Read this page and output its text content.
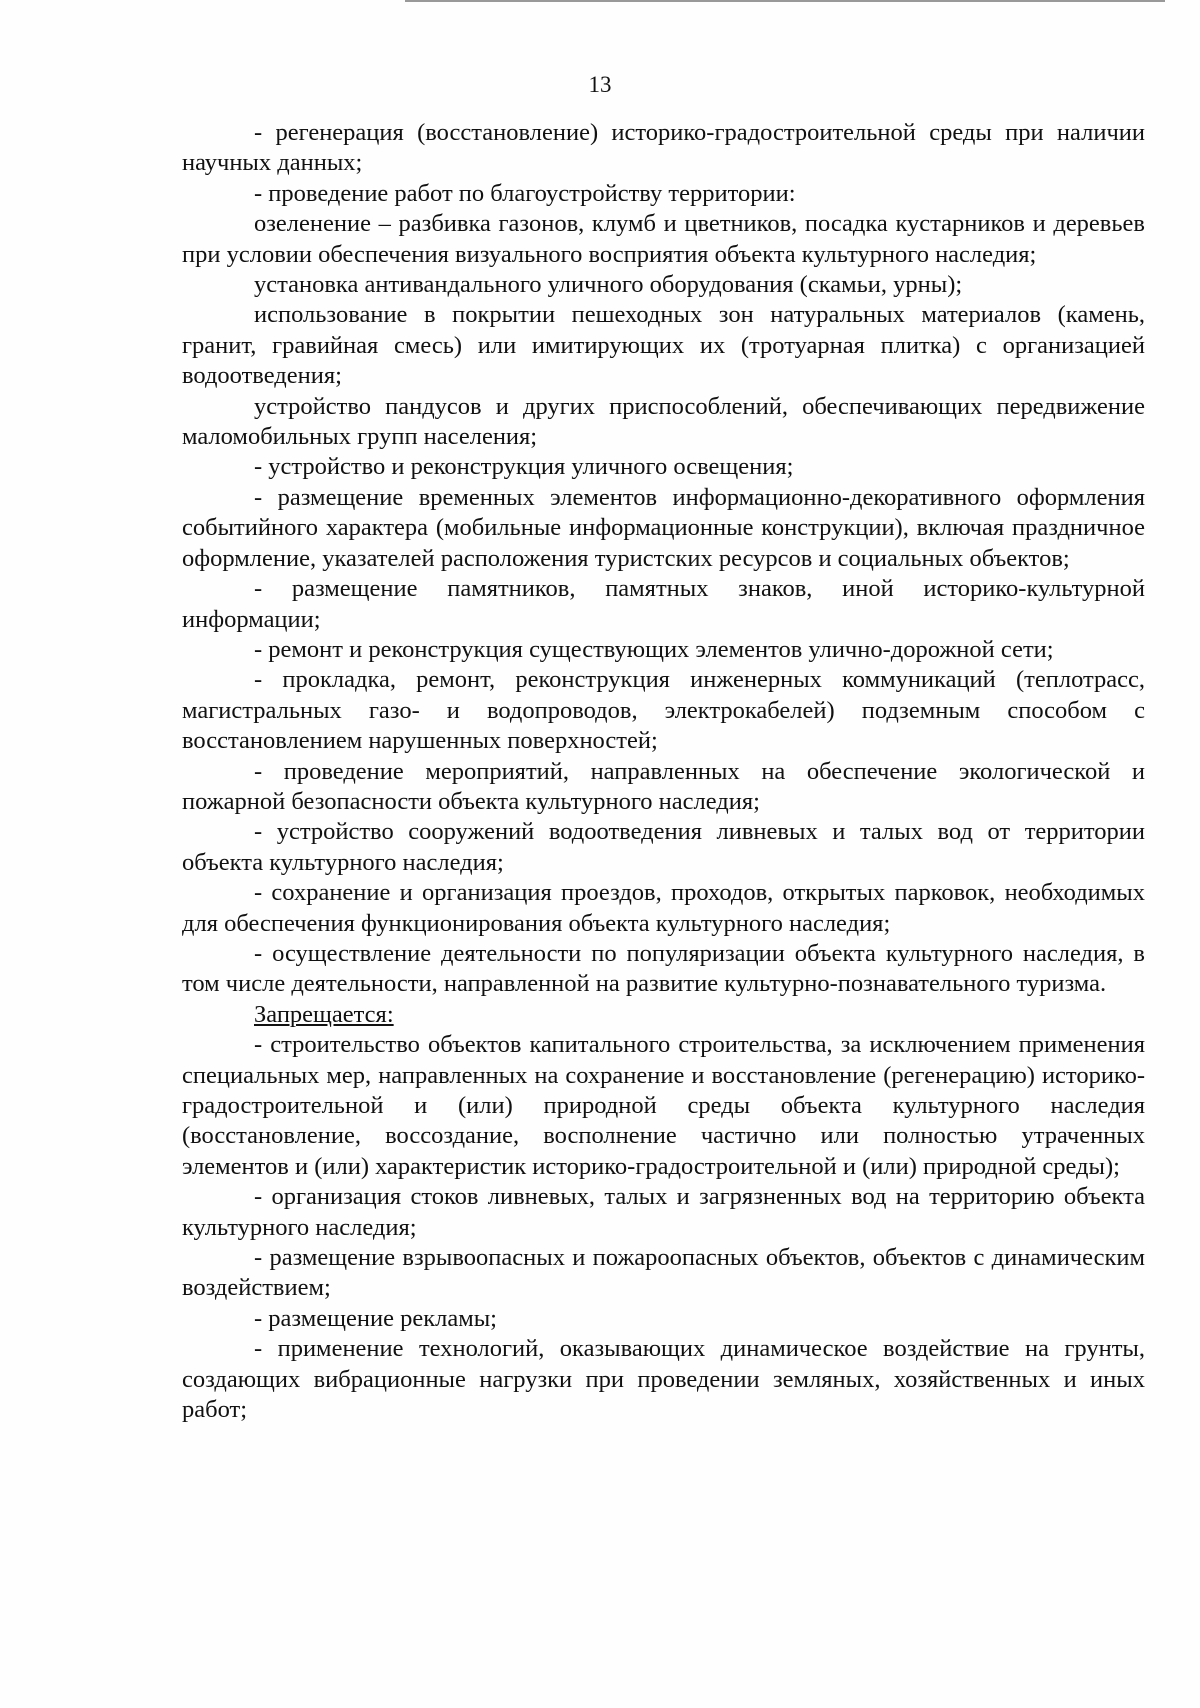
13

- регенерация (восстановление) историко-градостроительной среды при наличии научных данных;

- проведение работ по благоустройству территории:

озеленение – разбивка газонов, клумб и цветников, посадка кустарников и деревьев при условии обеспечения визуального восприятия объекта культурного наследия;

установка антивандального уличного оборудования (скамьи, урны);

использование в покрытии пешеходных зон натуральных материалов (камень, гранит, гравийная смесь) или имитирующих их (тротуарная плитка) с организацией водоотведения;

устройство пандусов и других приспособлений, обеспечивающих передвижение маломобильных групп населения;

- устройство и реконструкция уличного освещения;

- размещение временных элементов информационно-декоративного оформления событийного характера (мобильные информационные конструкции), включая праздничное оформление, указателей расположения туристских ресурсов и социальных объектов;

- размещение памятников, памятных знаков, иной историко-культурной информации;

- ремонт и реконструкция существующих элементов улично-дорожной сети;

- прокладка, ремонт, реконструкция инженерных коммуникаций (теплотрасс, магистральных газо- и водопроводов, электрокабелей) подземным способом с восстановлением нарушенных поверхностей;

- проведение мероприятий, направленных на обеспечение экологической и пожарной безопасности объекта культурного наследия;

- устройство сооружений водоотведения ливневых и талых вод от территории объекта культурного наследия;

- сохранение и организация проездов, проходов, открытых парковок, необходимых для обеспечения функционирования объекта культурного наследия;

- осуществление деятельности по популяризации объекта культурного наследия, в том числе деятельности, направленной на развитие культурно-познавательного туризма.

Запрещается:

- строительство объектов капитального строительства, за исключением применения специальных мер, направленных на сохранение и восстановление (регенерацию) историко-градостроительной и (или) природной среды объекта культурного наследия (восстановление, воссоздание, восполнение частично или полностью утраченных элементов и (или) характеристик историко-градостроительной и (или) природной среды);

- организация стоков ливневых, талых и загрязненных вод на территорию объекта культурного наследия;

- размещение взрывоопасных и пожароопасных объектов, объектов с динамическим воздействием;

- размещение рекламы;

- применение технологий, оказывающих динамическое воздействие на грунты, создающих вибрационные нагрузки при проведении земляных, хозяйственных и иных работ;
